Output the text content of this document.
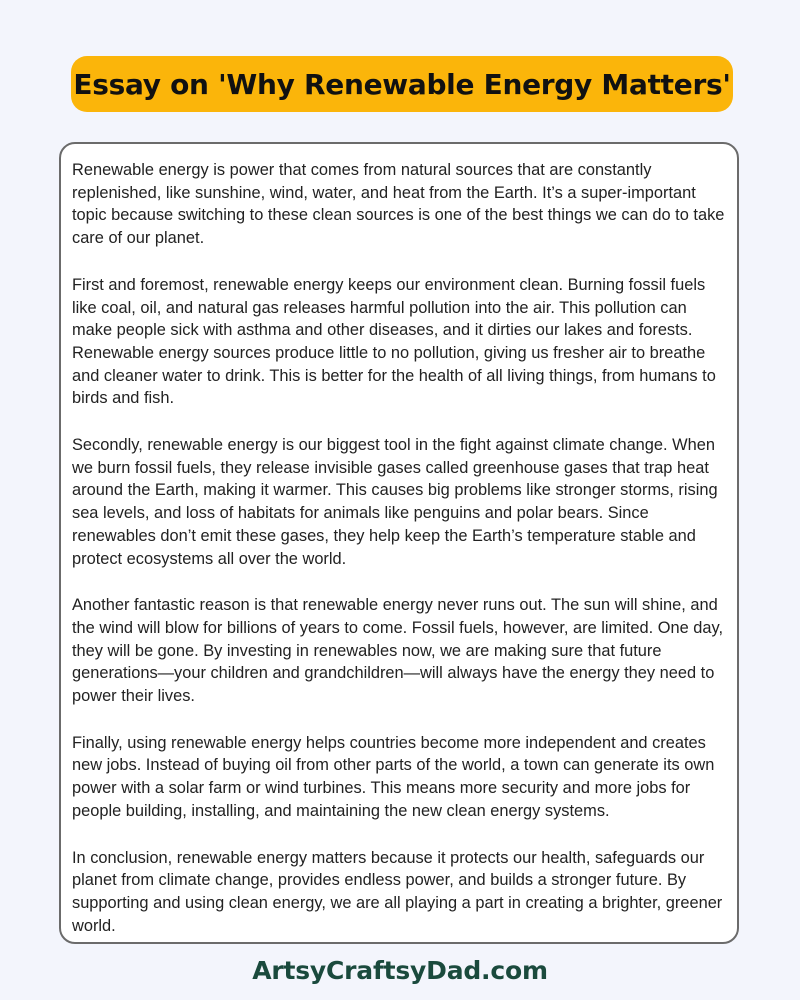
Essay on 'Why Renewable Energy Matters'

Renewable energy is power that comes from natural sources that are constantly replenished, like sunshine, wind, water, and heat from the Earth. It’s a super-important topic because switching to these clean sources is one of the best things we can do to take care of our planet.

First and foremost, renewable energy keeps our environment clean. Burning fossil fuels like coal, oil, and natural gas releases harmful pollution into the air. This pollution can make people sick with asthma and other diseases, and it dirties our lakes and forests. Renewable energy sources produce little to no pollution, giving us fresher air to breathe and cleaner water to drink. This is better for the health of all living things, from humans to birds and fish.

Secondly, renewable energy is our biggest tool in the fight against climate change. When we burn fossil fuels, they release invisible gases called greenhouse gases that trap heat around the Earth, making it warmer. This causes big problems like stronger storms, rising sea levels, and loss of habitats for animals like penguins and polar bears. Since renewables don’t emit these gases, they help keep the Earth’s temperature stable and protect ecosystems all over the world.

Another fantastic reason is that renewable energy never runs out. The sun will shine, and the wind will blow for billions of years to come. Fossil fuels, however, are limited. One day, they will be gone. By investing in renewables now, we are making sure that future generations—your children and grandchildren—will always have the energy they need to power their lives.

Finally, using renewable energy helps countries become more independent and creates new jobs. Instead of buying oil from other parts of the world, a town can generate its own power with a solar farm or wind turbines. This means more security and more jobs for people building, installing, and maintaining the new clean energy systems.

In conclusion, renewable energy matters because it protects our health, safeguards our planet from climate change, provides endless power, and builds a stronger future. By supporting and using clean energy, we are all playing a part in creating a brighter, greener world.

ArtsyCraftsyDad.com
